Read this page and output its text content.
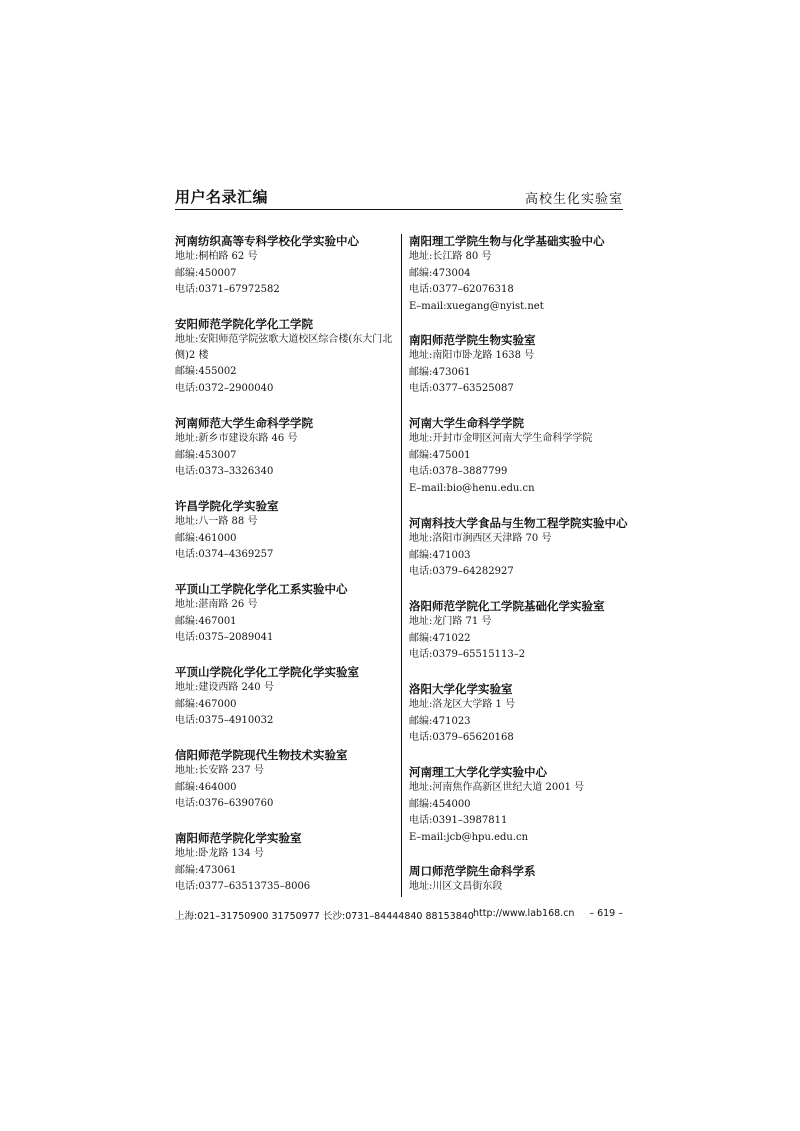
用户名录汇编	高校生化实验室
河南纺织高等专科学校化学实验中心
地址:桐柏路 62 号
邮编:450007
电话:0371–67972582
安阳师范学院化学化工学院
地址:安阳师范学院弦歌大道校区综合楼(东大门北侧)2 楼
邮编:455002
电话:0372–2900040
河南师范大学生命科学学院
地址:新乡市建设东路 46 号
邮编:453007
电话:0373–3326340
许昌学院化学实验室
地址:八一路 88 号
邮编:461000
电话:0374–4369257
平顶山工学院化学化工系实验中心
地址:湛南路 26 号
邮编:467001
电话:0375–2089041
平顶山学院化学化工学院化学实验室
地址:建设西路 240 号
邮编:467000
电话:0375–4910032
信阳师范学院现代生物技术实验室
地址:长安路 237 号
邮编:464000
电话:0376–6390760
南阳师范学院化学实验室
地址:卧龙路 134 号
邮编:473061
电话:0377–63513735–8006
南阳理工学院生物与化学基础实验中心
地址:长江路 80 号
邮编:473004
电话:0377–62076318
E–mail:xuegang@nyist.net
南阳师范学院生物实验室
地址:南阳市卧龙路 1638 号
邮编:473061
电话:0377–63525087
河南大学生命科学学院
地址:开封市金明区河南大学生命科学学院
邮编:475001
电话:0378–3887799
E–mail:bio@henu.edu.cn
河南科技大学食品与生物工程学院实验中心
地址:洛阳市涧西区天津路 70 号
邮编:471003
电话:0379–64282927
洛阳师范学院化工学院基础化学实验室
地址:龙门路 71 号
邮编:471022
电话:0379–65515113–2
洛阳大学化学实验室
地址:洛龙区大学路 1 号
邮编:471023
电话:0379–65620168
河南理工大学化学实验中心
地址:河南焦作高新区世纪大道 2001 号
邮编:454000
电话:0391–3987811
E–mail:jcb@hpu.edu.cn
周口师范学院生命科学系
地址:川区文昌街东段
上海:021–31750900 31750977 长沙:0731–84444840 88153840 http://www.lab168.cn – 619 –
